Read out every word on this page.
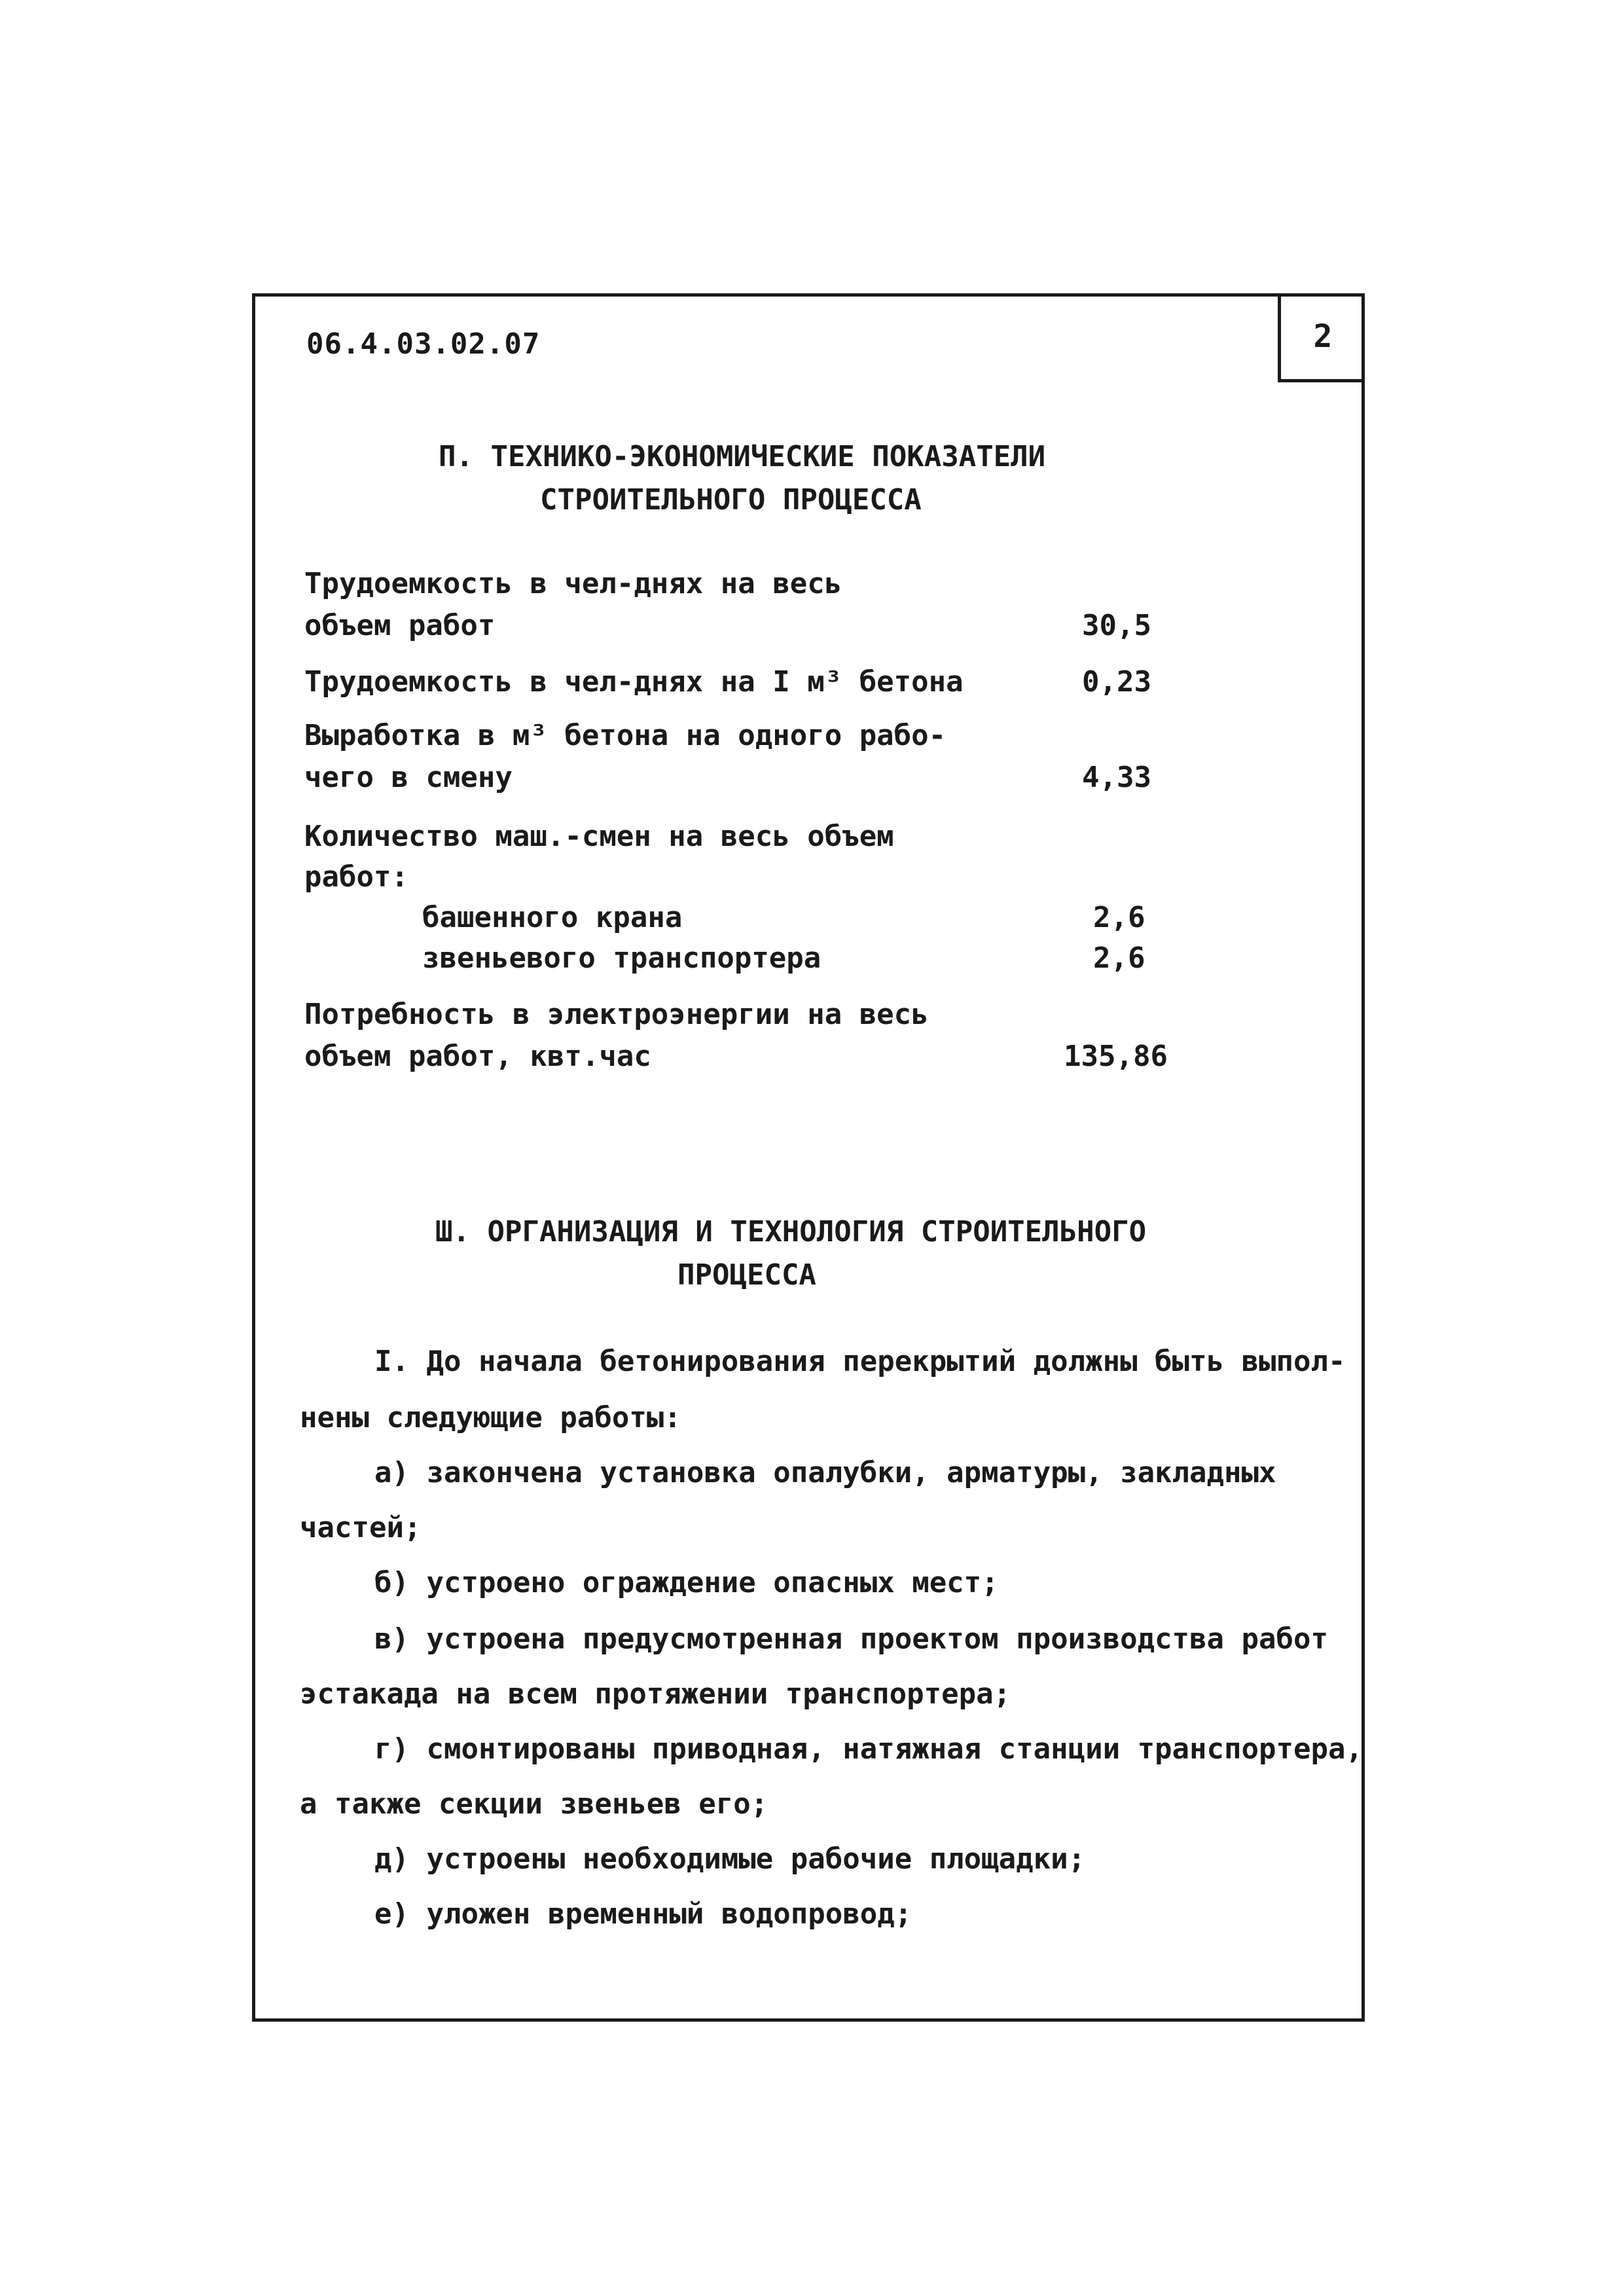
2
06.4.03.02.07
П. ТЕХНИКО-ЭКОНОМИЧЕСКИЕ ПОКАЗАТЕЛИ
СТРОИТЕЛЬНОГО ПРОЦЕССА
Трудоемкость в чел-днях на весь
объем работ	30,5
Трудоемкость в чел-днях на I м³ бетона	0,23
Выработка в м³ бетона на одного рабо-
чего в смену	4,33
Количество маш.-смен на весь объем
работ:
башенного крана	2,6
звеньевого транспортера	2,6
Потребность в электроэнергии на весь
объем работ, квт.час	135,86
Ш. ОРГАНИЗАЦИЯ И ТЕХНОЛОГИЯ СТРОИТЕЛЬНОГО
ПРОЦЕССА
I. До начала бетонирования перекрытий должны быть выпол-
нены следующие работы:
а) закончена установка опалубки, арматуры, закладных
частей;
б) устроено ограждение опасных мест;
в) устроена предусмотренная проектом производства работ
эстакада на всем протяжении транспортера;
г) смонтированы приводная, натяжная станции транспортера,
а также секции звеньев его;
д) устроены необходимые рабочие площадки;
е) уложен временный водопровод;
